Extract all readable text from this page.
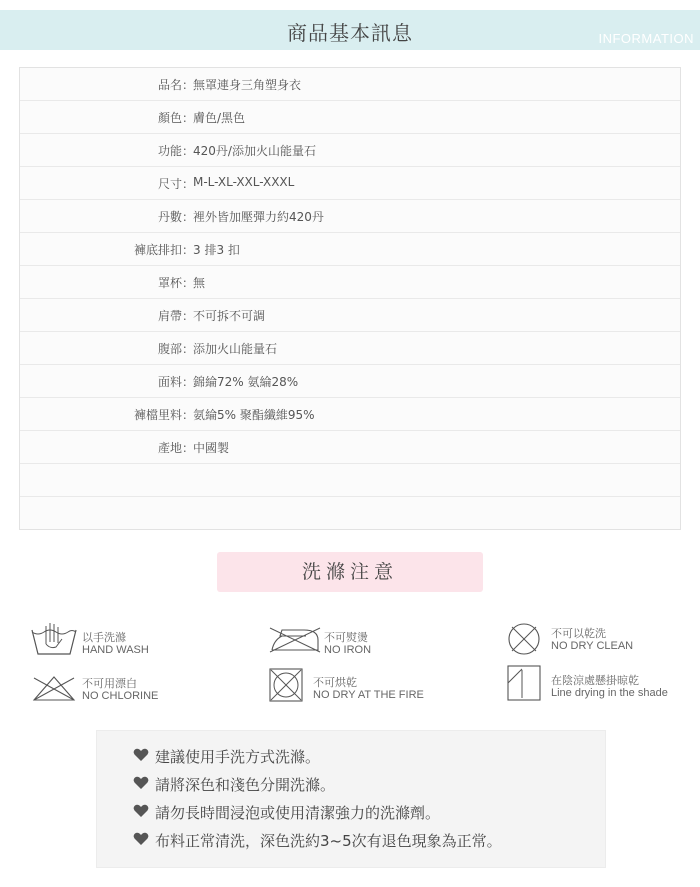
商品基本訊息	INFORMATION
品名： 無罩連身三角塑身衣
顏色： 膚色/黑色
功能： 420丹/添加火山能量石
尺寸： M-L-XL-XXL-XXXL
丹數： 裡外皆加壓彈力約420丹
褲底排扣： 3 排3 扣
罩杯： 無
肩帶： 不可拆不可調
腹部： 添加火山能量石
面料： 錦綸72% 氨綸28%
褲檔里料： 氨綸5% 聚酯纖維95%
產地： 中國製
洗滌注意
以手洗滌
HAND WASH
不可熨燙
NO IRON
不可以乾洗
NO DRY CLEAN
不可用漂白
NO CHLORINE
不可烘乾
NO DRY AT THE FIRE
在陰涼處懸掛晾乾
Line drying in the shade
建議使用手洗方式洗滌。
請將深色和淺色分開洗滌。
請勿長時間浸泡或使用清潔強力的洗滌劑。
布料正常清洗，深色洗約3~5次有退色現象為正常。
